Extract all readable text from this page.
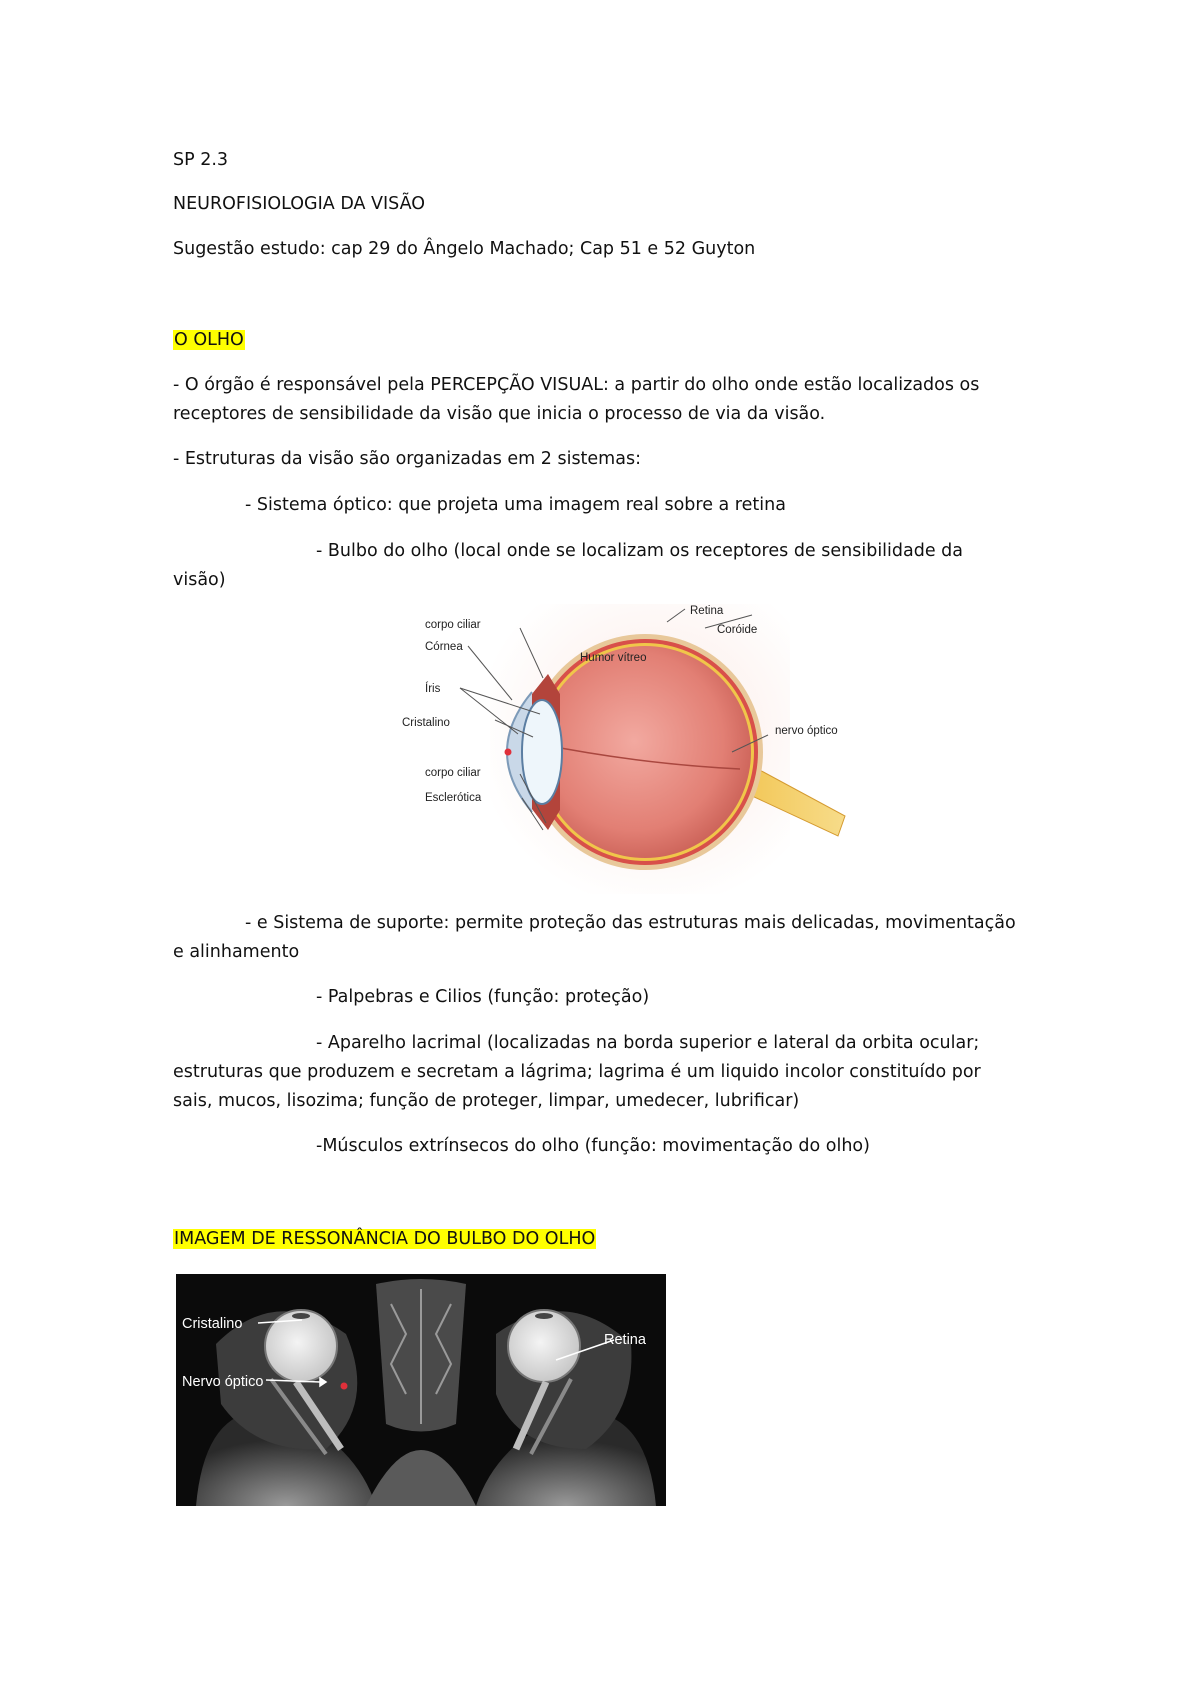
SP 2.3
NEUROFISIOLOGIA DA VISÃO
Sugestão estudo: cap 29 do Ângelo Machado; Cap 51 e 52 Guyton
O OLHO
- O órgão é responsável pela PERCEPÇÃO VISUAL: a partir do olho onde estão localizados os
receptores de sensibilidade da visão que inicia o processo de via da visão.
- Estruturas da visão são organizadas em 2 sistemas:
- Sistema óptico: que projeta uma imagem real sobre a retina
- Bulbo do olho (local onde se localizam os receptores de sensibilidade da
visão)
Retina
Coróide
corpo ciliar
Córnea
Humor vítreo
Íris
nervo óptico
Cristalino
corpo ciliar
Esclerótica
- e Sistema de suporte: permite proteção das estruturas mais delicadas, movimentação
e alinhamento
- Palpebras e Cilios (função: proteção)
- Aparelho lacrimal (localizadas na borda superior e lateral da orbita ocular;
estruturas que produzem e secretam a lágrima; lagrima é um liquido incolor constituído por
sais, mucos, lisozima; função de proteger, limpar, umedecer, lubrificar)
-Músculos extrínsecos do olho (função: movimentação do olho)
IMAGEM DE RESSONÂNCIA DO BULBO DO OLHO
Cristalino
Nervo óptico
Retina
